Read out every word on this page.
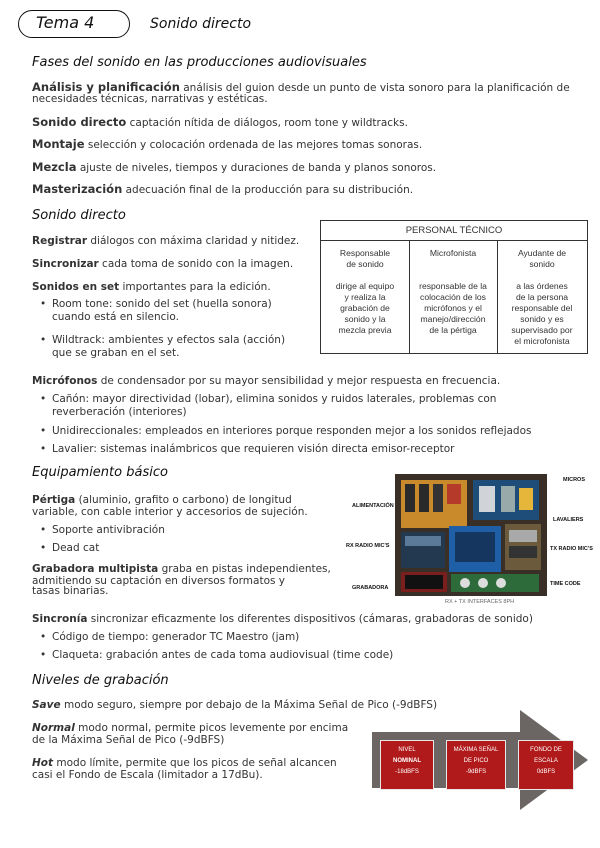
Tema 4	Sonido directo
Fases del sonido en las producciones audiovisuales
Análisis y planificación análisis del guion desde un punto de vista sonoro para la planificación de
necesidades técnicas, narrativas y estéticas.
Sonido directo captación nítida de diálogos, room tone y wildtracks.
Montaje selección y colocación ordenada de las mejores tomas sonoras.
Mezcla ajuste de niveles, tiempos y duraciones de banda y planos sonoros.
Masterización adecuación final de la producción para su distribución.
Sonido directo
Registrar diálogos con máxima claridad y nitidez.
Sincronizar cada toma de sonido con la imagen.
Sonidos en set importantes para la edición.
• Room tone: sonido del set (huella sonora)
cuando está en silencio.
• Wildtrack: ambientes y efectos sala (acción)
que se graban en el set.
PERSONAL TÉCNICO
Responsable
de sonido
dirige al equipo
y realiza la
grabación de
sonido y la
mezcla previa
Microfonista
responsable de la
colocación de los
micrófonos y el
manejo/dirección
de la pértiga
Ayudante de
sonido
a las órdenes
de la persona
responsable del
sonido y es
supervisado por
el microfonista
Micrófonos de condensador por su mayor sensibilidad y mejor respuesta en frecuencia.
• Cañón: mayor directividad (lobar), elimina sonidos y ruidos laterales, problemas con
reverberación (interiores)
• Unidireccionales: empleados en interiores porque responden mejor a los sonidos reflejados
• Lavalier: sistemas inalámbricos que requieren visión directa emisor-receptor
Equipamiento básico
Pértiga (aluminio, grafito o carbono) de longitud
variable, con cable interior y accesorios de sujeción.
• Soporte antivibración
• Dead cat
Grabadora multipista graba en pistas independientes,
admitiendo su captación en diversos formatos y
tasas binarias.
MICROS
ALIMENTACIÓN
LAVALIERS
RX RADIO MIC'S	TX RADIO MIC'S
GRABADORA
TIME CODE
RX + TX INTERFACES 8PH
Sincronía sincronizar eficazmente los diferentes dispositivos (cámaras, grabadoras de sonido)
• Código de tiempo: generador TC Maestro (jam)
• Claqueta: grabación antes de cada toma audiovisual (time code)
Niveles de grabación
Save modo seguro, siempre por debajo de la Máxima Señal de Pico (-9dBFS)
Normal modo normal, permite picos levemente por encima
de la Máxima Señal de Pico (-9dBFS)
Hot modo límite, permite que los picos de señal alcancen
casi el Fondo de Escala (limitador a 17dBu).
NIVEL
NOMINAL
-18dBFS
MÁXIMA SEÑAL
DE PICO
-9dBFS
FONDO DE
ESCALA
0dBFS
